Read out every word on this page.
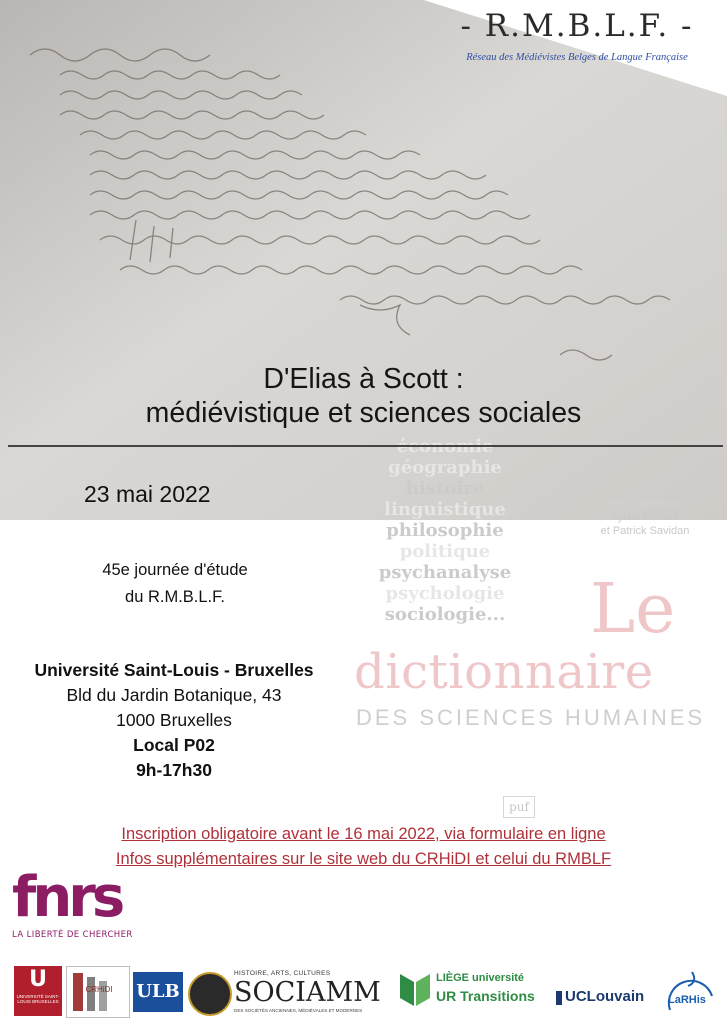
- R.M.B.L.F. -
Réseau des Médiévistes Belges de Langue Française
économie
géographie
histoire
linguistique
philosophie
politique
psychanalyse
psychologie
sociologie...
sous la direction de
Sylvie Mesure
et Patrick Savidan
Le
dictionnaire
DES SCIENCES HUMAINES
puf
D'Elias à Scott :
médiévistique et sciences sociales
23 mai 2022
45e journée d'étude
du R.M.B.L.F.
Université Saint-Louis - Bruxelles
Bld du Jardin Botanique, 43
1000 Bruxelles
Local P02
9h-17h30
Inscription obligatoire avant le 16 mai 2022, via formulaire en ligne
Infos supplémentaires sur le site web du CRHiDI et celui du RMBLF
fnrs
LA LIBERTÉ DE CHERCHER
U
UNIVERSITÉ SAINT-LOUIS BRUXELLES
CRHiDI	ULB
HISTOIRE, ARTS, CULTURES
SOCIAMM
DES SOCIÉTÉS ANCIENNES, MÉDIÉVALES ET MODERNES
LIÈGE université
UR Transitions UCLouvain LaRHis
